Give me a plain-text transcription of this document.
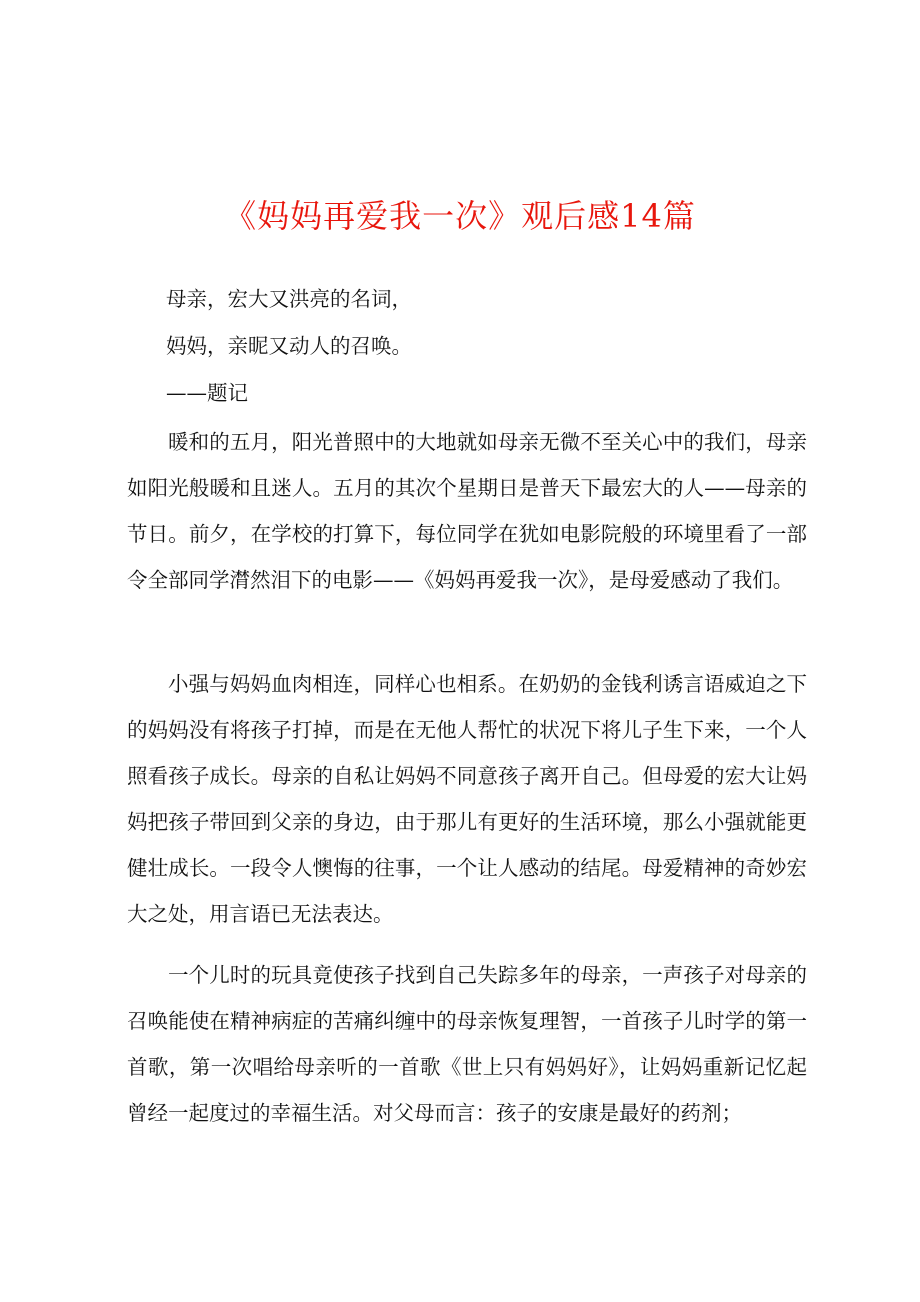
《妈妈再爱我一次》观后感14篇

母亲，宏大又洪亮的名词，

妈妈，亲昵又动人的召唤。

——题记

暖和的五月，阳光普照中的大地就如母亲无微不至关心中的我们，母亲如阳光般暖和且迷人。五月的其次个星期日是普天下最宏大的人——母亲的节日。前夕，在学校的打算下，每位同学在犹如电影院般的环境里看了一部令全部同学潸然泪下的电影——《妈妈再爱我一次》，是母爱感动了我们。

小强与妈妈血肉相连，同样心也相系。在奶奶的金钱利诱言语威迫之下的妈妈没有将孩子打掉，而是在无他人帮忙的状况下将儿子生下来，一个人照看孩子成长。母亲的自私让妈妈不同意孩子离开自己。但母爱的宏大让妈妈把孩子带回到父亲的身边，由于那儿有更好的生活环境，那么小强就能更健壮成长。一段令人懊悔的往事，一个让人感动的结尾。母爱精神的奇妙宏大之处，用言语已无法表达。

一个儿时的玩具竟使孩子找到自己失踪多年的母亲，一声孩子对母亲的召唤能使在精神病症的苦痛纠缠中的母亲恢复理智，一首孩子儿时学的第一首歌，第一次唱给母亲听的一首歌《世上只有妈妈好》，让妈妈重新记忆起曾经一起度过的幸福生活。对父母而言：孩子的安康是最好的药剂；
